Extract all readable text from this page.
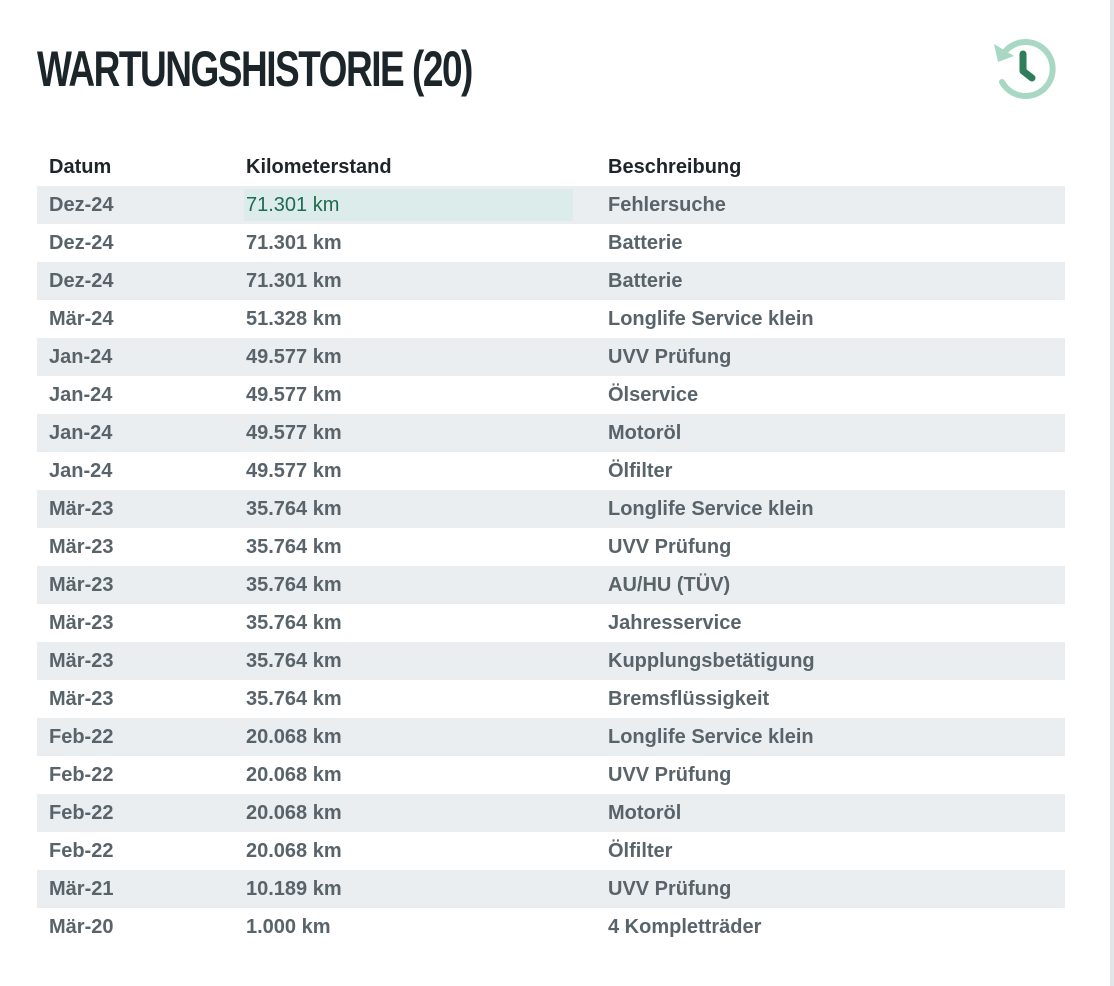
WARTUNGSHISTORIE (20)
Datum	Kilometerstand	Beschreibung
Dez-24	71.301 km	Fehlersuche
Dez-24	71.301 km	Batterie
Dez-24	71.301 km	Batterie
Mär-24	51.328 km	Longlife Service klein
Jan-24	49.577 km	UVV Prüfung
Jan-24	49.577 km	Ölservice
Jan-24	49.577 km	Motoröl
Jan-24	49.577 km	Ölfilter
Mär-23	35.764 km	Longlife Service klein
Mär-23	35.764 km	UVV Prüfung
Mär-23	35.764 km	AU/HU (TÜV)
Mär-23	35.764 km	Jahresservice
Mär-23	35.764 km	Kupplungsbetätigung
Mär-23	35.764 km	Bremsflüssigkeit
Feb-22	20.068 km	Longlife Service klein
Feb-22	20.068 km	UVV Prüfung
Feb-22	20.068 km	Motoröl
Feb-22	20.068 km	Ölfilter
Mär-21	10.189 km	UVV Prüfung
Mär-20	1.000 km	4 Kompletträder
